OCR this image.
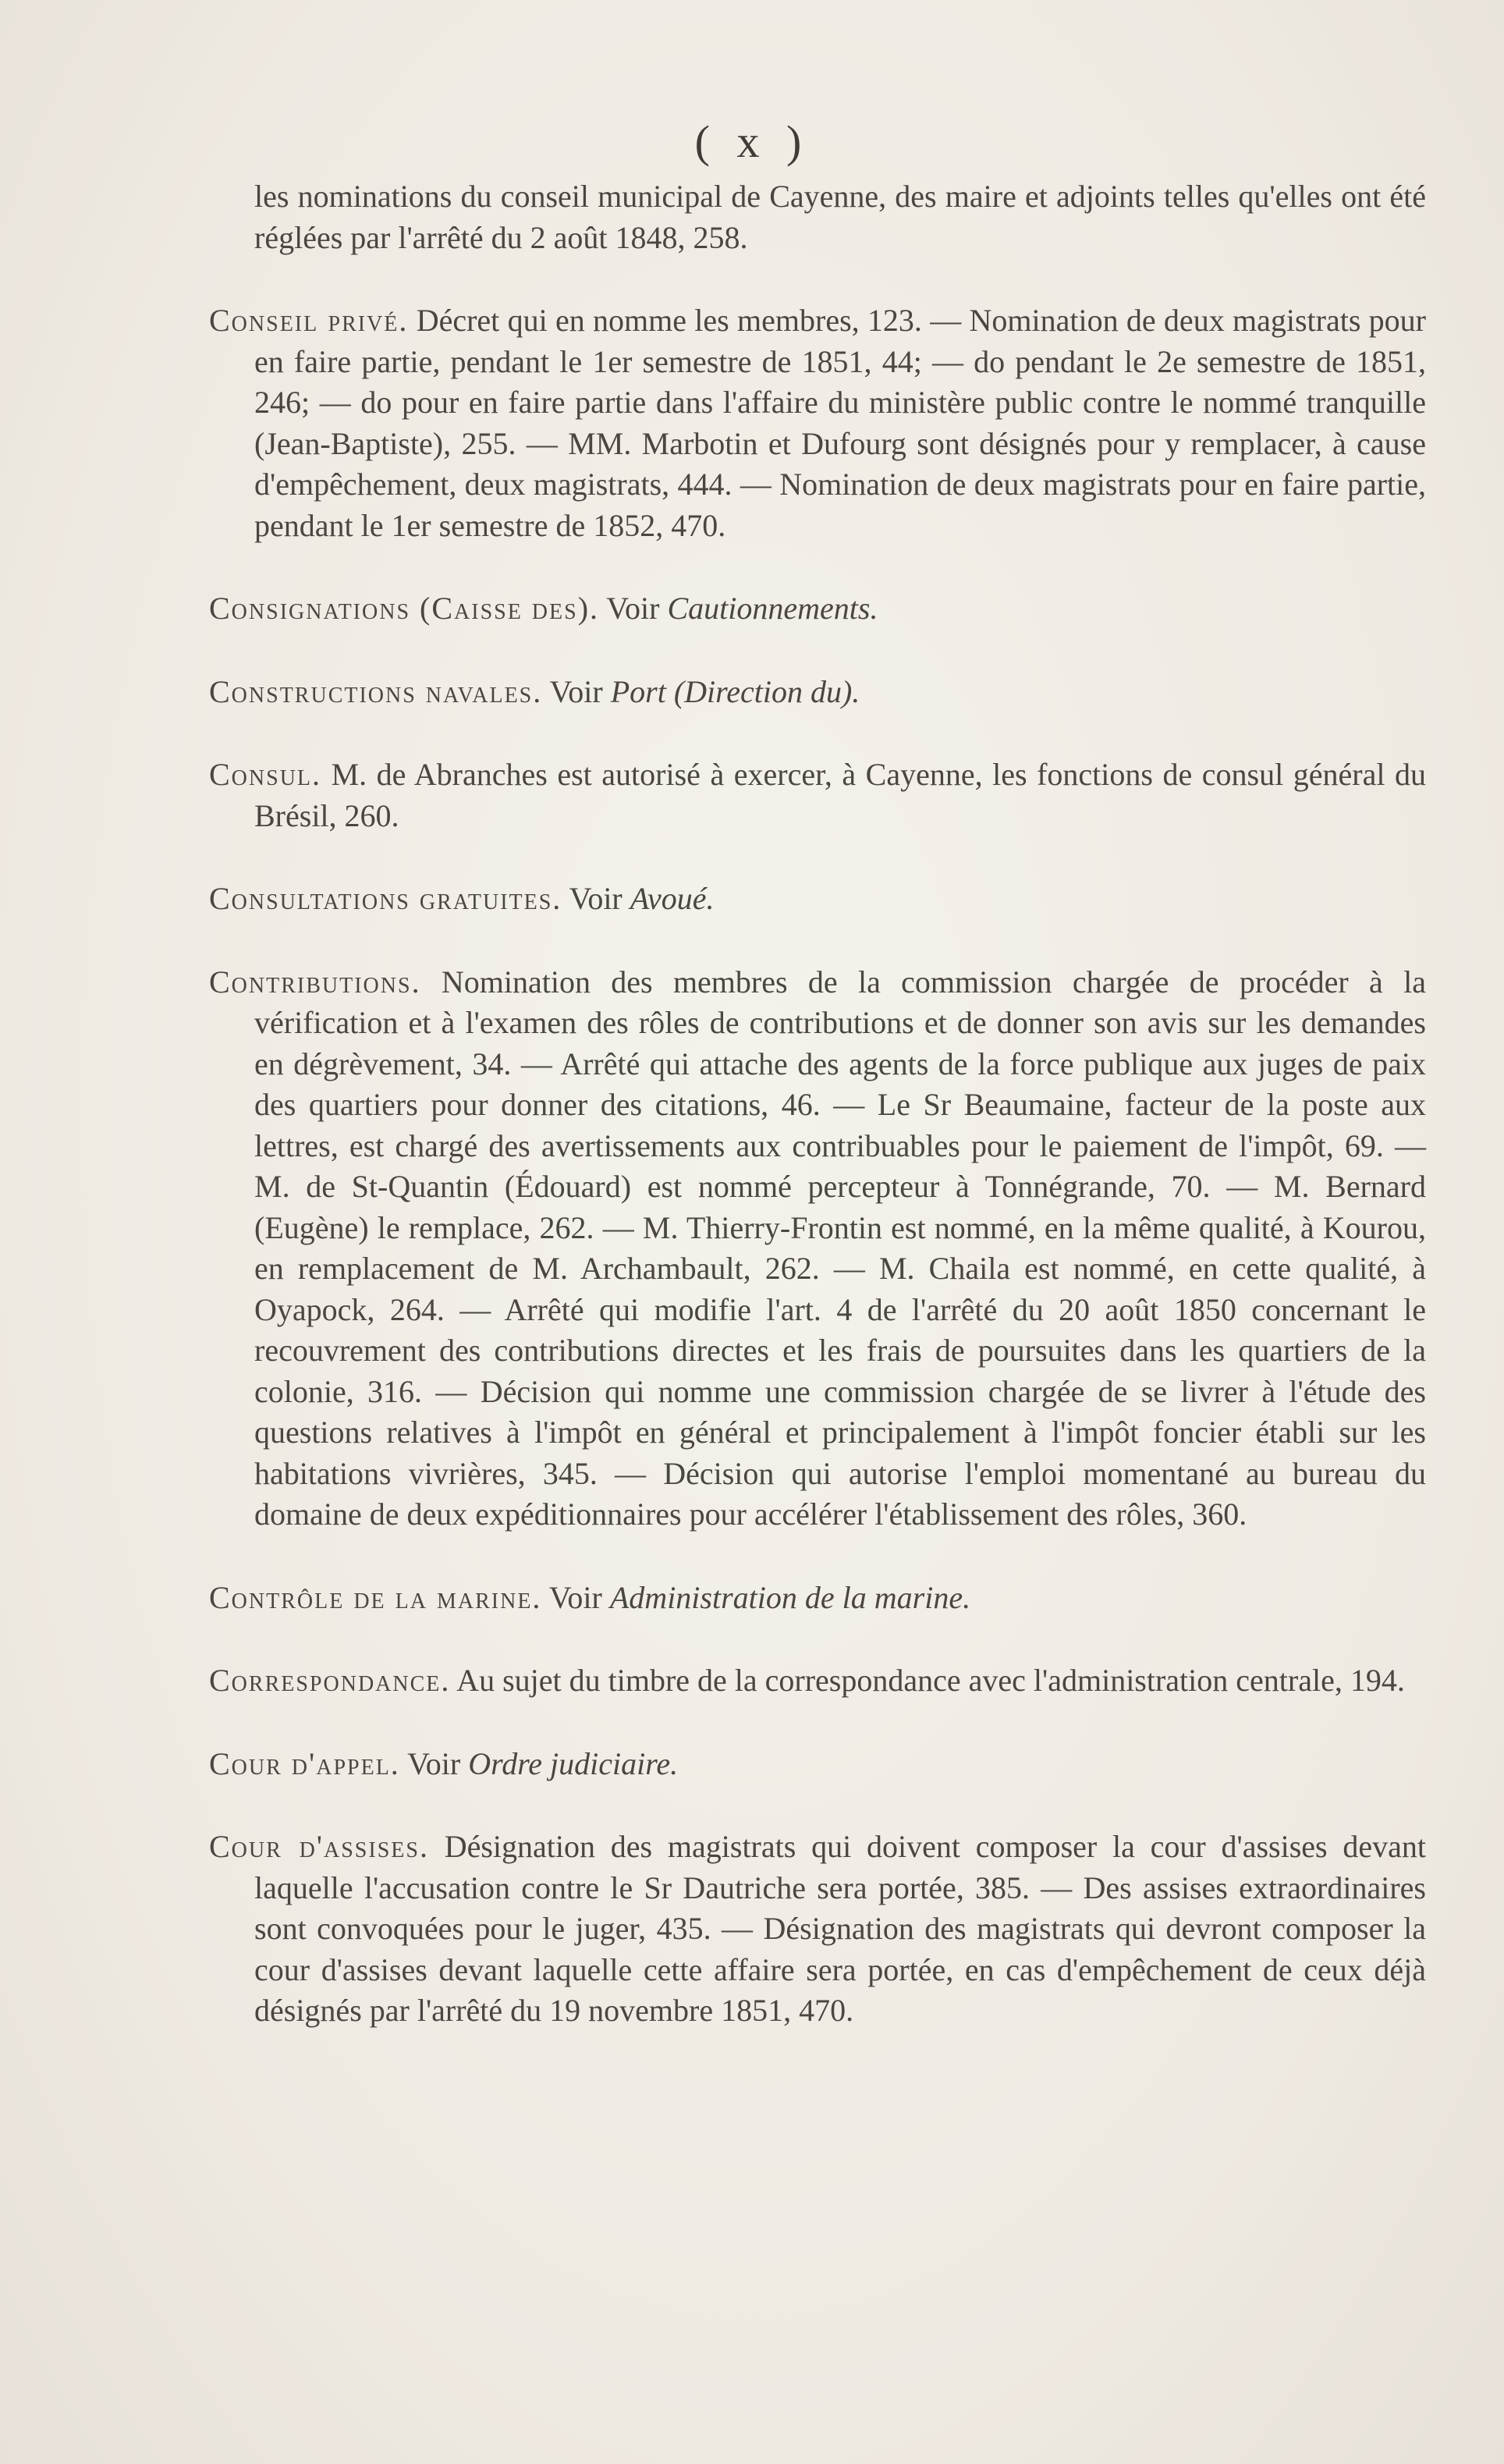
( x )

les nominations du conseil municipal de Cayenne, des maire et adjoints telles qu'elles ont été réglées par l'arrêté du 2 août 1848, 258.

Conseil privé. Décret qui en nomme les membres, 123. — Nomination de deux magistrats pour en faire partie, pendant le 1er semestre de 1851, 44; — do pendant le 2e semestre de 1851, 246; — do pour en faire partie dans l'affaire du ministère public contre le nommé tranquille (Jean-Baptiste), 255. — MM. Marbotin et Dufourg sont désignés pour y remplacer, à cause d'empêchement, deux magistrats, 444. — Nomination de deux magistrats pour en faire partie, pendant le 1er semestre de 1852, 470.

Consignations (Caisse des). Voir Cautionnements.

Constructions navales. Voir Port (Direction du).

Consul. M. de Abranches est autorisé à exercer, à Cayenne, les fonctions de consul général du Brésil, 260.

Consultations gratuites. Voir Avoué.

Contributions. Nomination des membres de la commission chargée de procéder à la vérification et à l'examen des rôles de contributions et de donner son avis sur les demandes en dégrèvement, 34. — Arrêté qui attache des agents de la force publique aux juges de paix des quartiers pour donner des citations, 46. — Le Sr Beaumaine, facteur de la poste aux lettres, est chargé des avertissements aux contribuables pour le paiement de l'impôt, 69. — M. de St-Quantin (Édouard) est nommé percepteur à Tonnégrande, 70. — M. Bernard (Eugène) le remplace, 262. — M. Thierry-Frontin est nommé, en la même qualité, à Kourou, en remplacement de M. Archambault, 262. — M. Chaila est nommé, en cette qualité, à Oyapock, 264. — Arrêté qui modifie l'art. 4 de l'arrêté du 20 août 1850 concernant le recouvrement des contributions directes et les frais de poursuites dans les quartiers de la colonie, 316. — Décision qui nomme une commission chargée de se livrer à l'étude des questions relatives à l'impôt en général et principalement à l'impôt foncier établi sur les habitations vivrières, 345. — Décision qui autorise l'emploi momentané au bureau du domaine de deux expéditionnaires pour accélérer l'établissement des rôles, 360.

Contrôle de la marine. Voir Administration de la marine.

Correspondance. Au sujet du timbre de la correspondance avec l'administration centrale, 194.

Cour d'appel. Voir Ordre judiciaire.

Cour d'assises. Désignation des magistrats qui doivent composer la cour d'assises devant laquelle l'accusation contre le Sr Dautriche sera portée, 385. — Des assises extraordinaires sont convoquées pour le juger, 435. — Désignation des magistrats qui devront composer la cour d'assises devant laquelle cette affaire sera portée, en cas d'empêchement de ceux déjà désignés par l'arrêté du 19 novembre 1851, 470.
